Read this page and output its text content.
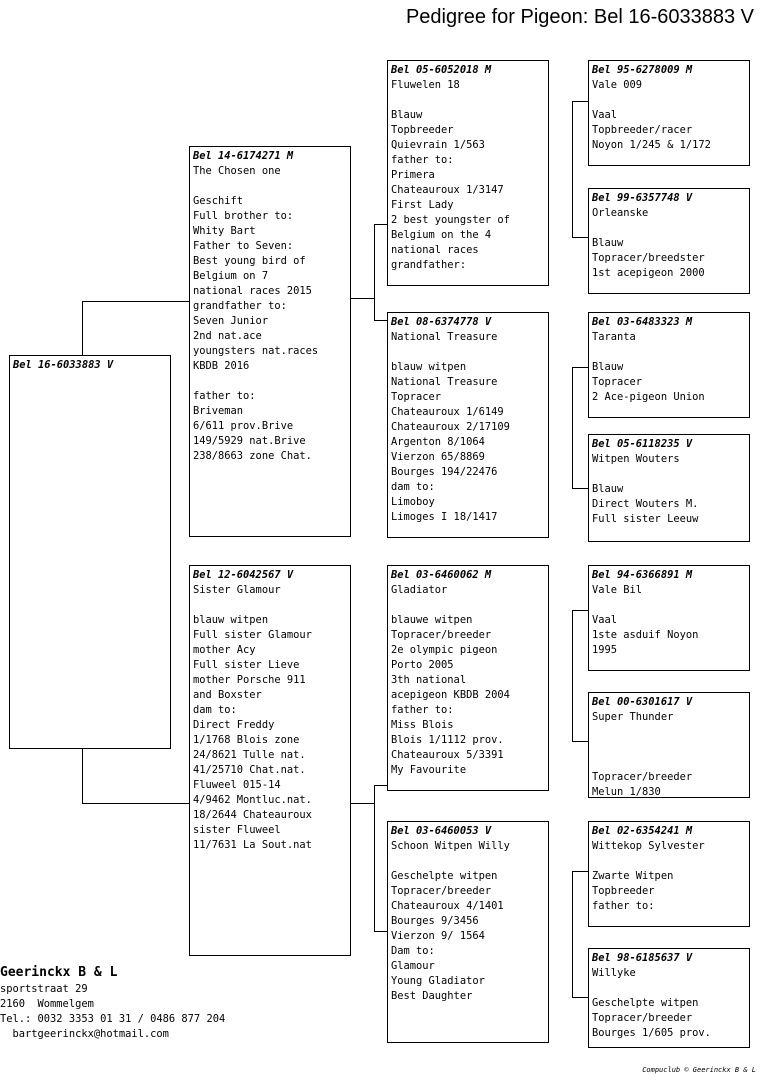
Pedigree for Pigeon: Bel 16-6033883 V
Bel 16-6033883 V
Bel 14-6174271 M
The Chosen one
Geschift
Full brother to:
Whity Bart
Father to Seven:
Best young bird of
Belgium on 7
national races 2015
grandfather to:
Seven Junior
2nd nat.ace
youngsters nat.races
KBDB 2016

father to:
Briveman
6/611 prov.Brive
149/5929 nat.Brive
238/8663 zone Chat.
Bel 12-6042567 V
Sister Glamour
blauw witpen
Full sister Glamour
mother Acy
Full sister Lieve
mother Porsche 911
and Boxster
dam to:
Direct Freddy
1/1768 Blois zone
24/8621 Tulle nat.
41/25710 Chat.nat.
Fluweel 015-14
4/9462 Montluc.nat.
18/2644 Chateauroux
sister Fluweel
11/7631 La Sout.nat
Bel 05-6052018 M
Fluwelen 18
Blauw
Topbreeder
Quievrain 1/563
father to:
Primera
Chateauroux 1/3147
First Lady
2 best youngster of
Belgium on the 4
national races
grandfather:
Bel 08-6374778 V
National Treasure
blauw witpen
National Treasure
Topracer
Chateauroux 1/6149
Chateauroux 2/17109
Argenton 8/1064
Vierzon 65/8869
Bourges 194/22476
dam to:
Limoboy
Limoges I 18/1417
Bel 03-6460062 M
Gladiator
blauwe witpen
Topracer/breeder
2e olympic pigeon
Porto 2005
3th national
acepigeon KBDB 2004
father to:
Miss Blois
Blois 1/1112 prov.
Chateauroux 5/3391
My Favourite
Bel 03-6460053 V
Schoon Witpen Willy
Geschelpte witpen
Topracer/breeder
Chateauroux 4/1401
Bourges 9/3456
Vierzon 9/ 1564
Dam to:
Glamour
Young Gladiator
Best Daughter
Bel 95-6278009 M
Vale 009
Vaal
Topbreeder/racer
Noyon 1/245 & 1/172
Bel 99-6357748 V
Orleanske
Blauw
Topracer/breedster
1st acepigeon 2000
Bel 03-6483323 M
Taranta
Blauw
Topracer
2 Ace-pigeon Union
Bel 05-6118235 V
Witpen Wouters
Blauw
Direct Wouters M.
Full sister Leeuw
Bel 94-6366891 M
Vale Bil
Vaal
1ste asduif Noyon
1995
Bel 00-6301617 V
Super Thunder

Topracer/breeder
Melun 1/830
Bel 02-6354241 M
Wittekop Sylvester
Zwarte Witpen
Topbreeder
father to:
Bel 98-6185637 V
Willyke
Geschelpte witpen
Topracer/breeder
Bourges 1/605 prov.
Geerinckx B & L
sportstraat 29
2160  Wommelgem
Tel.: 0032 3353 01 31 / 0486 877 204
bartgeerinckx@hotmail.com
Compuclub © Geerinckx B & L
